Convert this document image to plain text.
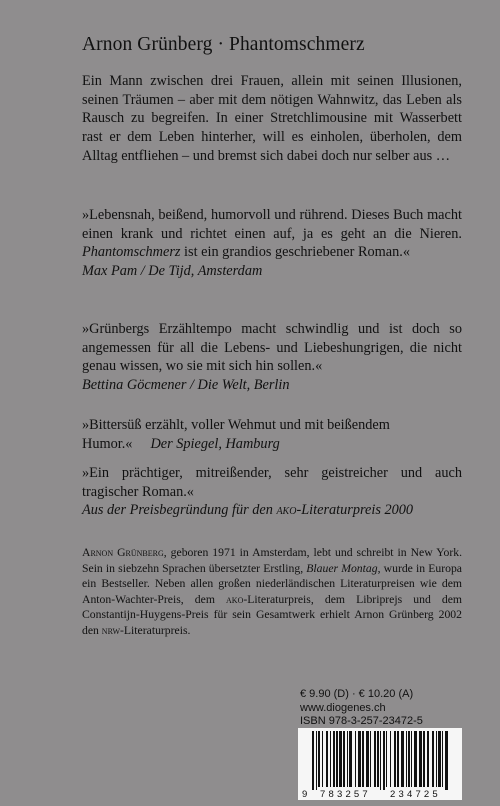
Arnon Grünberg · Phantomschmerz

Ein Mann zwischen drei Frauen, allein mit seinen Illusionen, seinen Träumen – aber mit dem nötigen Wahnwitz, das Leben als Rausch zu begreifen. In einer Stretchlimousine mit Wasserbett rast er dem Leben hinterher, will es einholen, überholen, dem Alltag entfliehen – und bremst sich dabei doch nur selber aus …

»Lebensnah, beißend, humorvoll und rührend. Dieses Buch macht einen krank und richtet einen auf, ja es geht an die Nieren. Phantomschmerz ist ein grandios geschriebener Roman.«

Max Pam / De Tijd, Amsterdam

»Grünbergs Erzähltempo macht schwindlig und ist doch so angemessen für all die Lebens- und Liebeshungrigen, die nicht genau wissen, wo sie mit sich hin sollen.«

Bettina Göcmener / Die Welt, Berlin

»Bittersüß erzählt, voller Wehmut und mit beißendem Humor.« Der Spiegel, Hamburg

»Ein prächtiger, mitreißender, sehr geistreicher und auch tragischer Roman.«

Aus der Preisbegründung für den ako-Literaturpreis 2000
Arnon Grünberg, geboren 1971 in Amsterdam, lebt und schreibt in New York. Sein in siebzehn Sprachen übersetzter Erstling, Blauer Montag, wurde in Europa ein Bestseller. Neben allen großen niederländischen Literaturpreisen wie dem Anton-Wachter-Preis, dem ako-Literaturpreis, dem Libriprejs und dem Constantijn-Huygens-Preis für sein Gesamtwerk erhielt Arnon Grünberg 2002 den nrw-Literaturpreis.
€ 9.90 (D) · € 10.20 (A)
www.diogenes.ch
ISBN 978-3-257-23472-5
9 783257 234725
